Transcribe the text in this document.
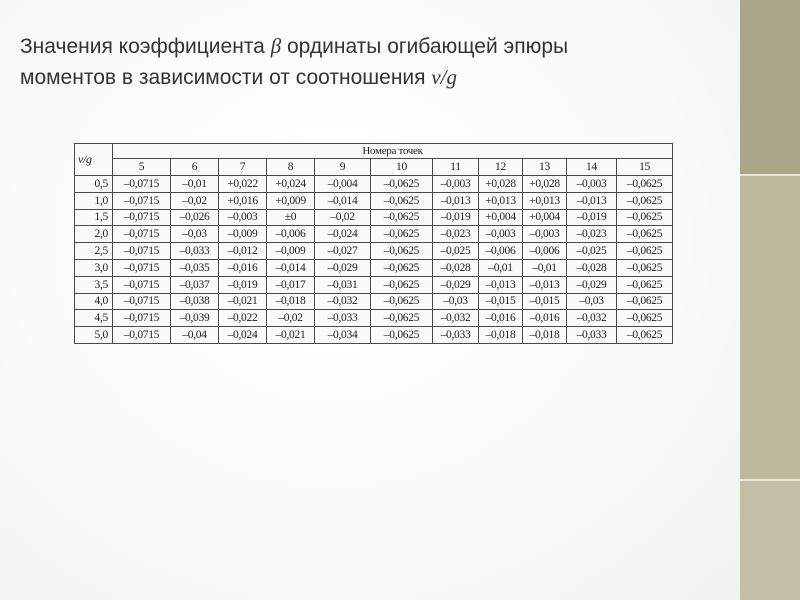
Значения коэффициента β ординаты огибающей эпюры
моментов в зависимости от соотношения ν/g
ν/g	Номера точек										
	5	6	7	8	9	10	11	12	13	14	15
0,5	–0,0715	–0,01	+0,022	+0,024	–0,004	–0,0625	–0,003	+0,028	+0,028	–0,003	–0,0625
1,0	–0,0715	–0,02	+0,016	+0,009	–0,014	–0,0625	–0,013	+0,013	+0,013	–0,013	–0,0625
1,5	–0,0715	–0,026	–0,003	±0	–0,02	–0,0625	–0,019	+0,004	+0,004	–0,019	–0,0625
2,0	–0,0715	–0,03	–0,009	–0,006	–0,024	–0,0625	–0,023	–0,003	–0,003	–0,023	–0,0625
2,5	–0,0715	–0,033	–0,012	–0,009	–0,027	–0,0625	–0,025	–0,006	–0,006	–0,025	–0,0625
3,0	–0,0715	–0,035	–0,016	–0,014	–0,029	–0,0625	–0,028	–0,01	–0,01	–0,028	–0,0625
3,5	–0,0715	–0,037	–0,019	–0,017	–0,031	–0,0625	–0,029	–0,013	–0,013	–0,029	–0,0625
4,0	–0,0715	–0,038	–0,021	–0,018	–0,032	–0,0625	–0,03	–0,015	–0,015	–0,03	–0,0625
4,5	–0,0715	–0,039	–0,022	–0,02	–0,033	–0,0625	–0,032	–0,016	–0,016	–0,032	–0,0625
5,0	–0,0715	–0,04	–0,024	–0,021	–0,034	–0,0625	–0,033	–0,018	–0,018	–0,033	–0,0625
